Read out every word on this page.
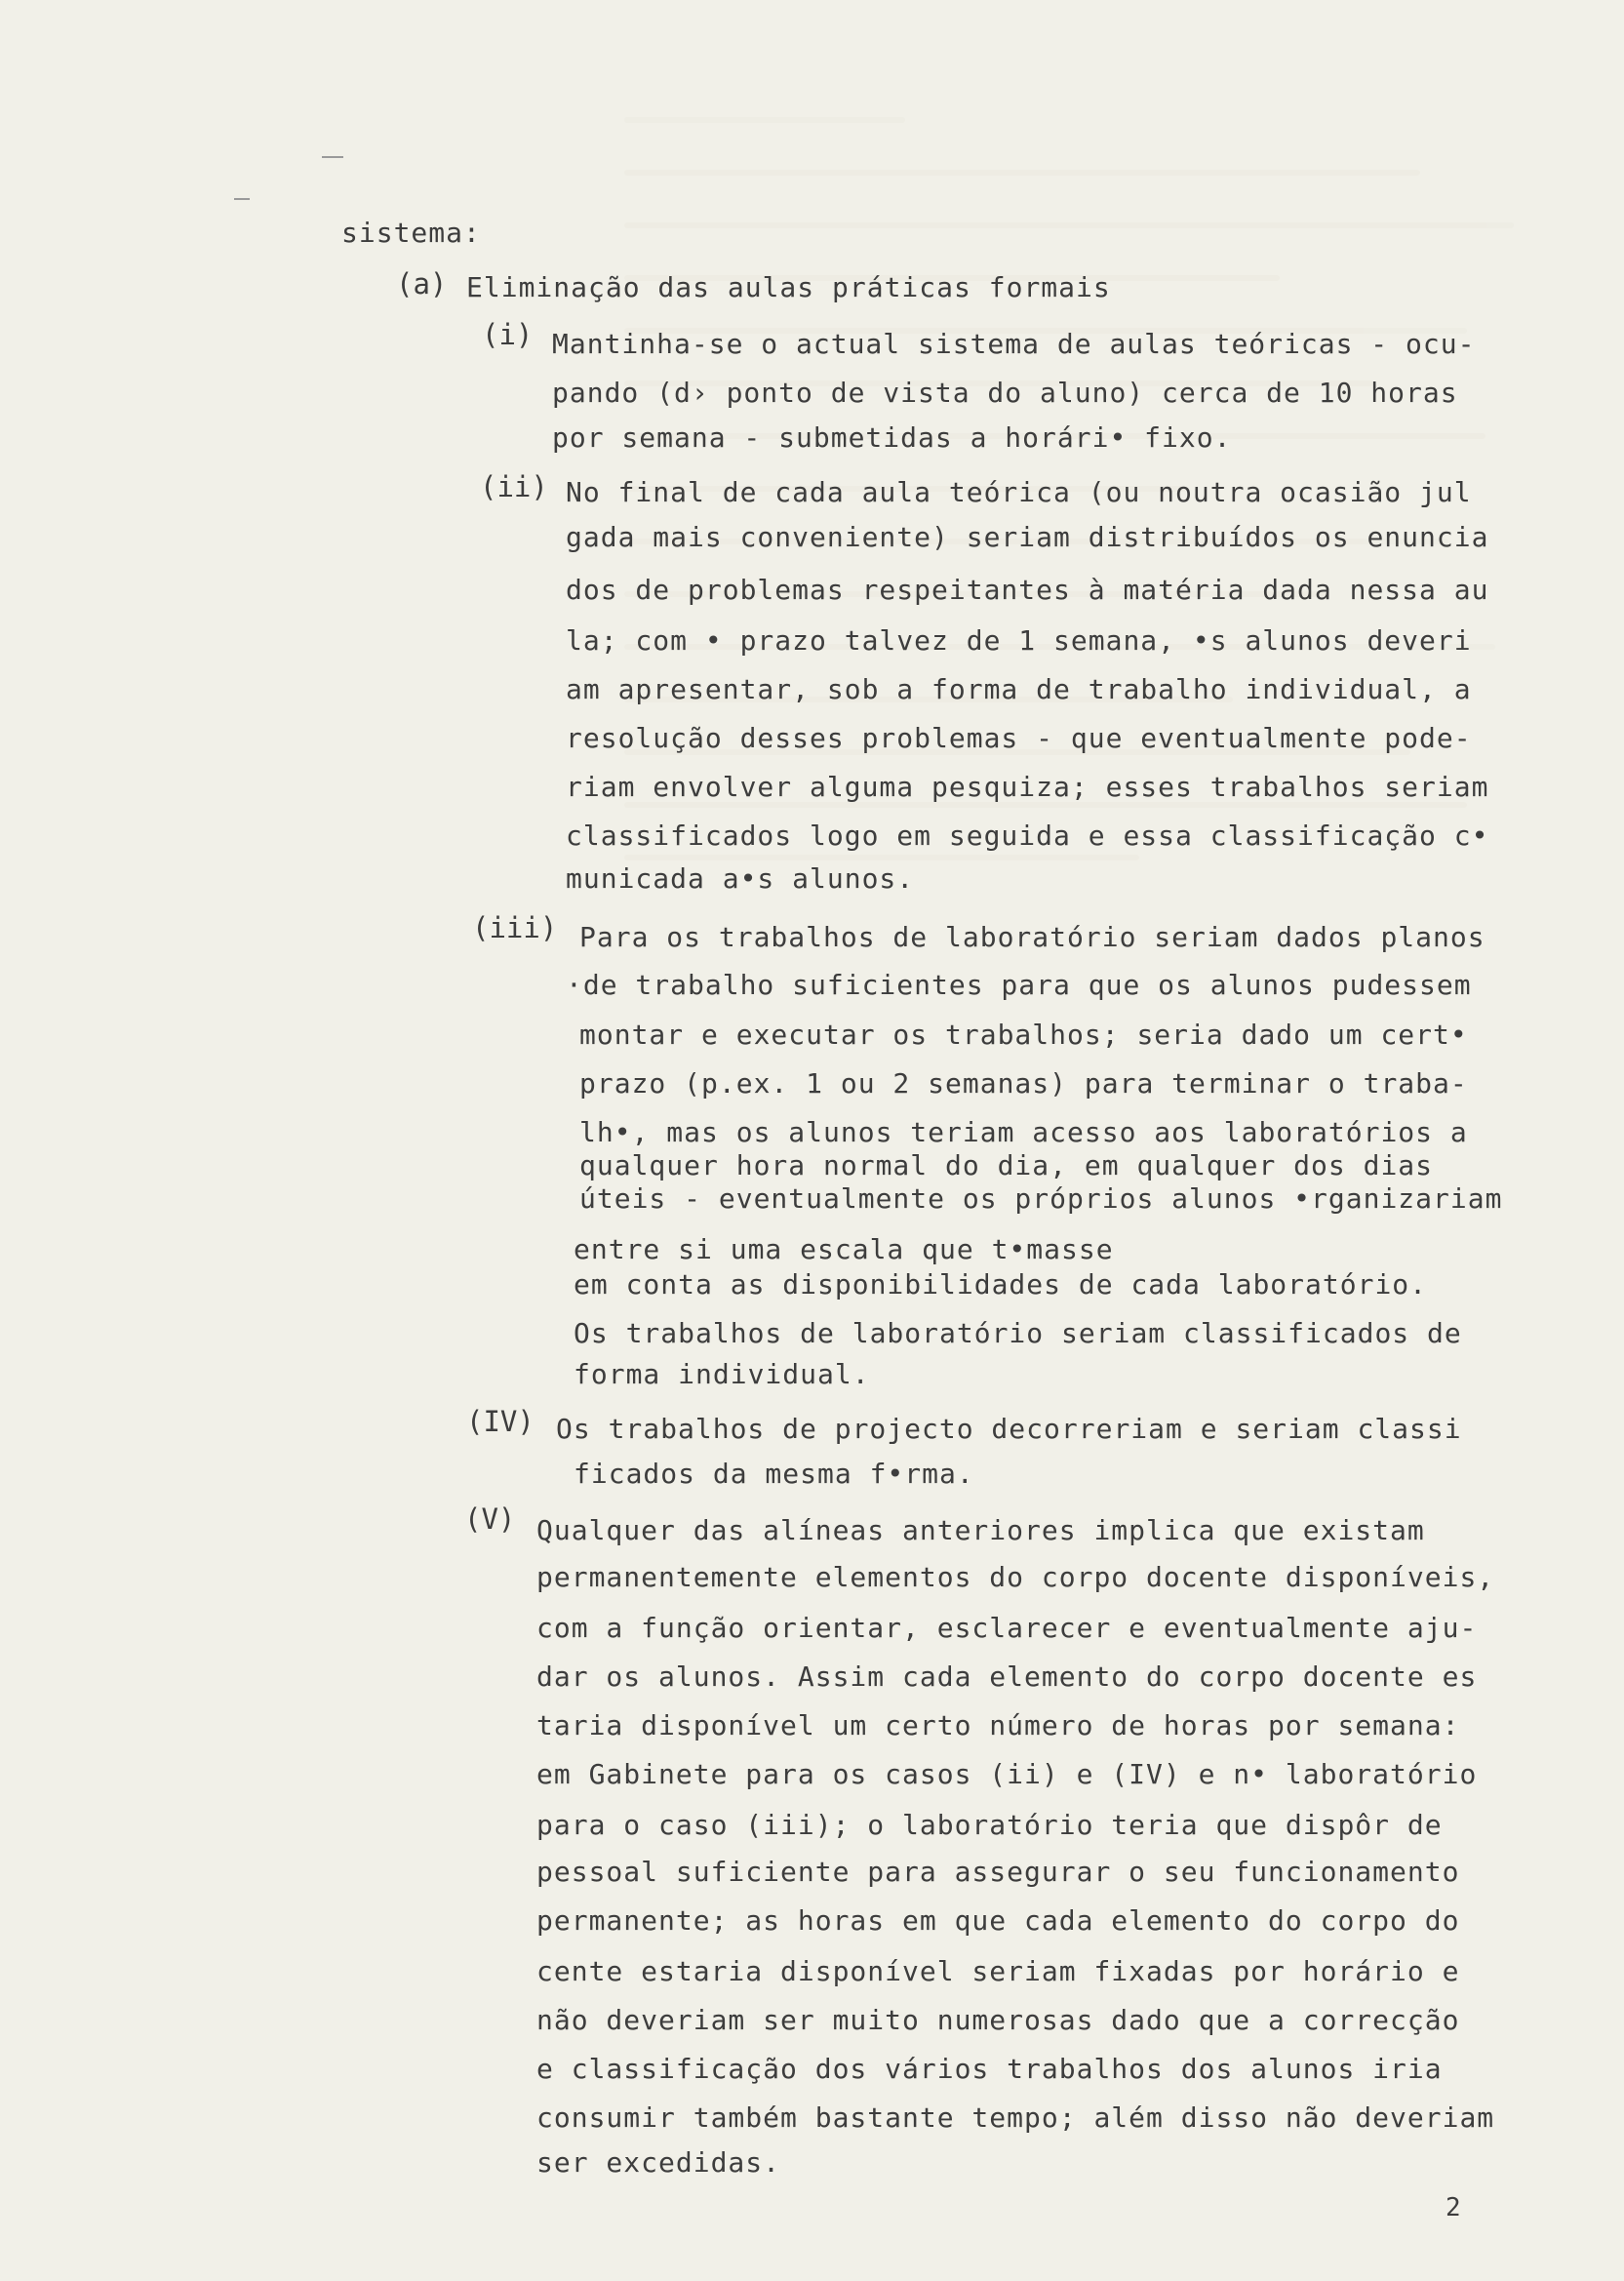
sistema:
(a) Eliminação das aulas práticas formais
(i) Mantinha-se o actual sistema de aulas teóricas - ocu-
pando (d› ponto de vista do aluno) cerca de 10 horas
por semana - submetidas a horári• fixo.
(ii) No final de cada aula teórica (ou noutra ocasião jul
gada mais conveniente) seriam distribuídos os enuncia
dos de problemas respeitantes à matéria dada nessa au
la; com • prazo talvez de 1 semana, •s alunos deveri
am apresentar, sob a forma de trabalho individual, a
resolução desses problemas - que eventualmente pode-
riam envolver alguma pesquiza; esses trabalhos seriam
classificados logo em seguida e essa classificação c•
municada a•s alunos.
(iii) Para os trabalhos de laboratório seriam dados planos
·de trabalho suficientes para que os alunos pudessem
montar e executar os trabalhos; seria dado um cert•
prazo (p.ex. 1 ou 2 semanas) para terminar o traba-
lh•, mas os alunos teriam acesso aos laboratórios a
qualquer hora normal do dia, em qualquer dos dias
úteis - eventualmente os próprios alunos •rganizariam
entre si uma escala que t•masse
em conta as disponibilidades de cada laboratório.
Os trabalhos de laboratório seriam classificados de
forma individual.
(IV) Os trabalhos de projecto decorreriam e seriam classi
ficados da mesma f•rma.
(V) Qualquer das alíneas anteriores implica que existam
permanentemente elementos do corpo docente disponíveis,
com a função orientar, esclarecer e eventualmente aju-
dar os alunos. Assim cada elemento do corpo docente es
taria disponível um certo número de horas por semana:
em Gabinete para os casos (ii) e (IV) e n• laboratório
para o caso (iii); o laboratório teria que dispôr de
pessoal suficiente para assegurar o seu funcionamento
permanente; as horas em que cada elemento do corpo do
cente estaria disponível seriam fixadas por horário e
não deveriam ser muito numerosas dado que a correcção
e classificação dos vários trabalhos dos alunos iria
consumir também bastante tempo; além disso não deveriam
ser excedidas.
2
